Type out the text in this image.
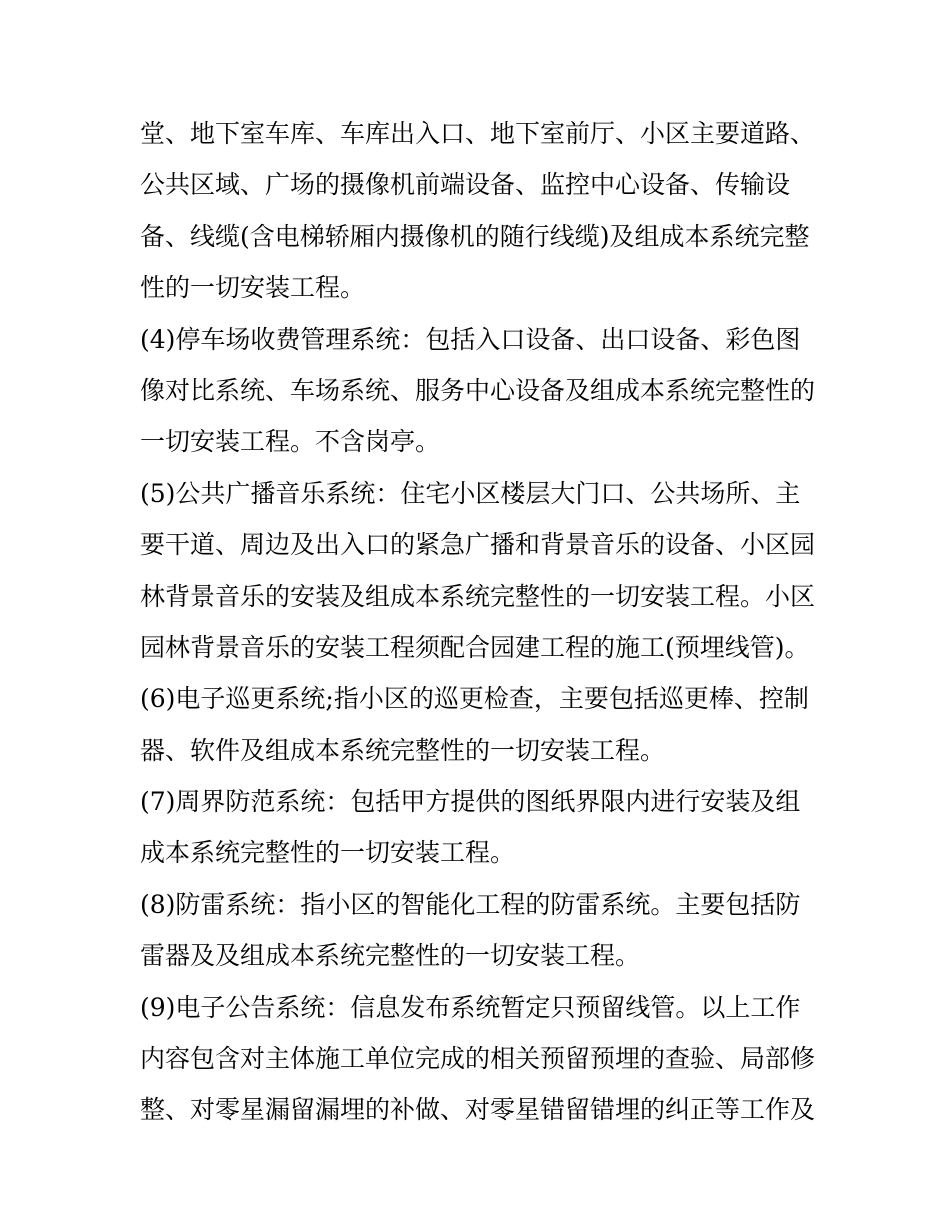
堂、地下室车库、车库出入口、地下室前厅、小区主要道路、
公共区域、广场的摄像机前端设备、监控中心设备、传输设
备、线缆(含电梯轿厢内摄像机的随行线缆)及组成本系统完整
性的一切安装工程。
(4)停车场收费管理系统：包括入口设备、出口设备、彩色图
像对比系统、车场系统、服务中心设备及组成本系统完整性的
一切安装工程。不含岗亭。
(5)公共广播音乐系统：住宅小区楼层大门口、公共场所、主
要干道、周边及出入口的紧急广播和背景音乐的设备、小区园
林背景音乐的安装及组成本系统完整性的一切安装工程。小区
园林背景音乐的安装工程须配合园建工程的施工(预埋线管)。
(6)电子巡更系统;指小区的巡更检查，主要包括巡更棒、控制
器、软件及组成本系统完整性的一切安装工程。
(7)周界防范系统：包括甲方提供的图纸界限内进行安装及组
成本系统完整性的一切安装工程。
(8)防雷系统：指小区的智能化工程的防雷系统。主要包括防
雷器及及组成本系统完整性的一切安装工程。
(9)电子公告系统：信息发布系统暂定只预留线管。以上工作
内容包含对主体施工单位完成的相关预留预埋的查验、局部修
整、对零星漏留漏埋的补做、对零星错留错埋的纠正等工作及
